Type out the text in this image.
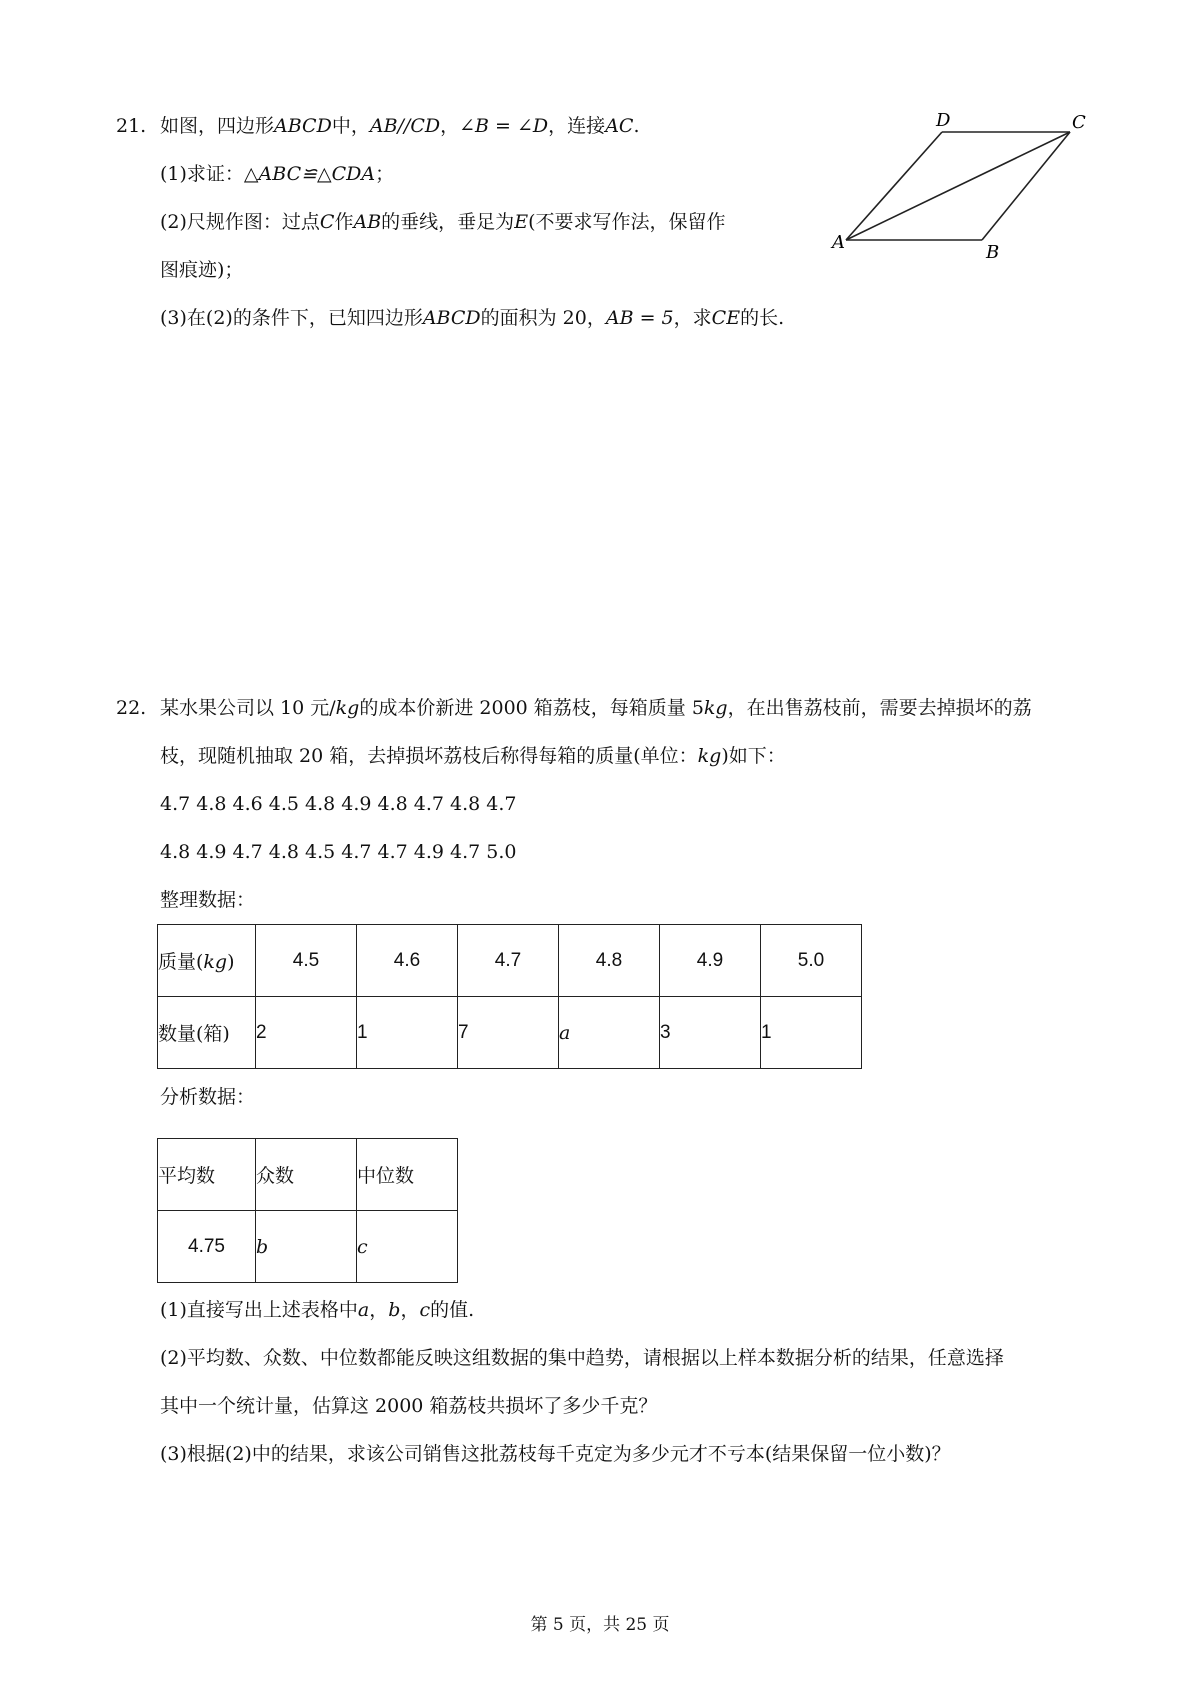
21. 如图，四边形ABCD中，AB//CD，∠B = ∠D，连接AC.
(1)求证：△ABC≌△CDA；
(2)尺规作图：过点C作AB的垂线，垂足为E(不要求写作法，保留作
图痕迹)；
(3)在(2)的条件下，已知四边形ABCD的面积为 20，AB = 5，求CE的长.
A	B
C
D
22. 某水果公司以 10 元/kg的成本价新进 2000 箱荔枝，每箱质量 5kg，在出售荔枝前，需要去掉损坏的荔
枝，现随机抽取 20 箱，去掉损坏荔枝后称得每箱的质量(单位：kg)如下：
4.7 4.8 4.6 4.5 4.8 4.9 4.8 4.7 4.8 4.7
4.8 4.9 4.7 4.8 4.5 4.7 4.7 4.9 4.7 5.0
整理数据：
质量(kg)	4.5	4.6	4.7	4.8	4.9	5.0
数量(箱)	2	1	7	a	3	1
分析数据：
平均数	众数	中位数
4.75	b	c
(1)直接写出上述表格中a，b，c的值.
(2)平均数、众数、中位数都能反映这组数据的集中趋势，请根据以上样本数据分析的结果，任意选择
其中一个统计量，估算这 2000 箱荔枝共损坏了多少千克？
(3)根据(2)中的结果，求该公司销售这批荔枝每千克定为多少元才不亏本(结果保留一位小数)？
第 5 页，共 25 页
